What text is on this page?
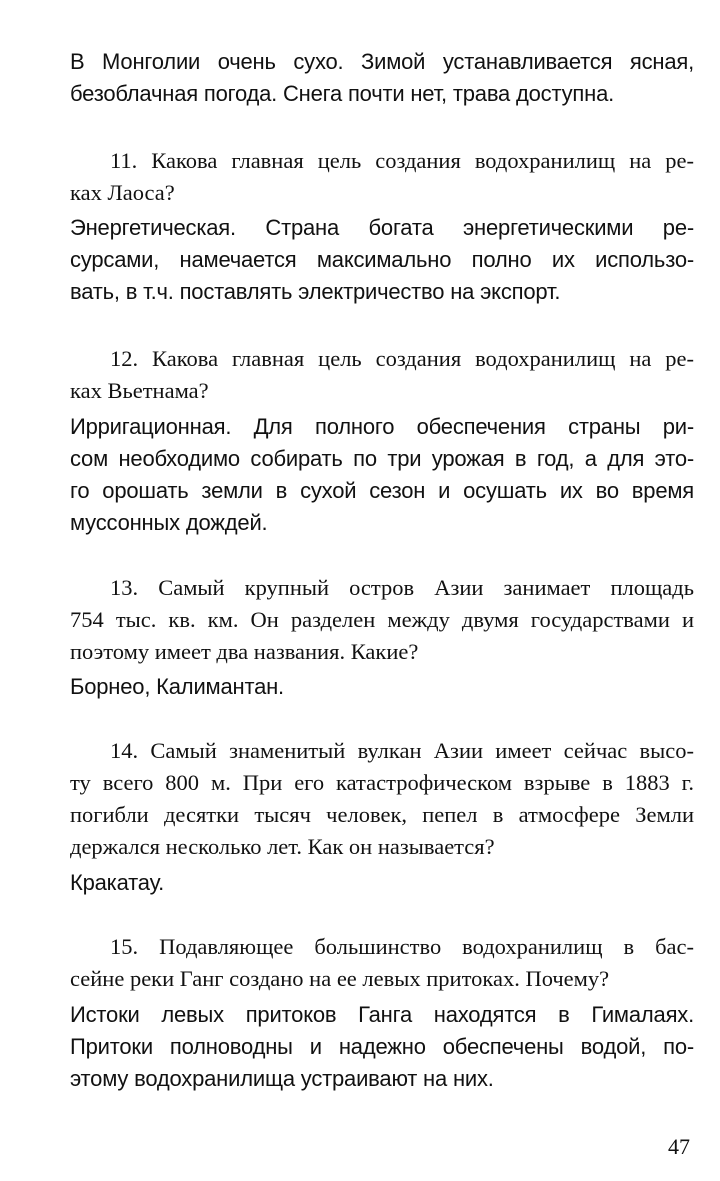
В Монголии очень сухо. Зимой устанавливается ясная,
безоблачная погода. Снега почти нет, трава доступна.
11. Какова главная цель создания водохранилищ на ре-
ках Лаоса?
Энергетическая. Страна богата энергетическими ре-
сурсами, намечается максимально полно их использо-
вать, в т.ч. поставлять электричество на экспорт.
12. Какова главная цель создания водохранилищ на ре-
ках Вьетнама?
Ирригационная. Для полного обеспечения страны ри-
сом необходимо собирать по три урожая в год, а для это-
го орошать земли в сухой сезон и осушать их во время
муссонных дождей.
13. Самый крупный остров Азии занимает площадь
754 тыс. кв. км. Он разделен между двумя государствами и
поэтому имеет два названия. Какие?
Борнео, Калимантан.
14. Самый знаменитый вулкан Азии имеет сейчас высо-
ту всего 800 м. При его катастрофическом взрыве в 1883 г.
погибли десятки тысяч человек, пепел в атмосфере Земли
держался несколько лет. Как он называется?
Кракатау.
15. Подавляющее большинство водохранилищ в бас-
сейне реки Ганг создано на ее левых притоках. Почему?
Истоки левых притоков Ганга находятся в Гималаях.
Притоки полноводны и надежно обеспечены водой, по-
этому водохранилища устраивают на них.
47
